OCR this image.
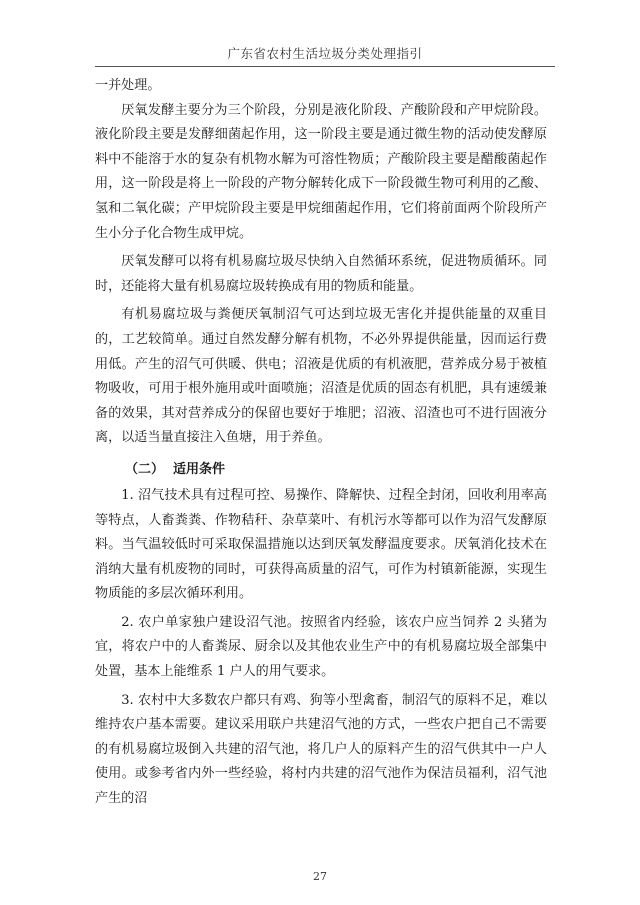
广东省农村生活垃圾分类处理指引

一并处理。

厌氧发酵主要分为三个阶段，分别是液化阶段、产酸阶段和产甲烷阶段。液化阶段主要是发酵细菌起作用，这一阶段主要是通过微生物的活动使发酵原料中不能溶于水的复杂有机物水解为可溶性物质；产酸阶段主要是醋酸菌起作用，这一阶段是将上一阶段的产物分解转化成下一阶段微生物可利用的乙酸、氢和二氧化碳；产甲烷阶段主要是甲烷细菌起作用，它们将前面两个阶段所产生小分子化合物生成甲烷。

厌氧发酵可以将有机易腐垃圾尽快纳入自然循环系统，促进物质循环。同时，还能将大量有机易腐垃圾转换成有用的物质和能量。

有机易腐垃圾与粪便厌氧制沼气可达到垃圾无害化并提供能量的双重目的，工艺较简单。通过自然发酵分解有机物，不必外界提供能量，因而运行费用低。产生的沼气可供暖、供电；沼液是优质的有机液肥，营养成分易于被植物吸收，可用于根外施用或叶面喷施；沼渣是优质的固态有机肥，具有速缓兼备的效果，其对营养成分的保留也要好于堆肥；沼液、沼渣也可不进行固液分离，以适当量直接注入鱼塘，用于养鱼。

（二） 适用条件

1. 沼气技术具有过程可控、易操作、降解快、过程全封闭，回收利用率高等特点，人畜粪粪、作物秸秆、杂草菜叶、有机污水等都可以作为沼气发酵原料。当气温较低时可采取保温措施以达到厌氧发酵温度要求。厌氧消化技术在消纳大量有机废物的同时，可获得高质量的沼气，可作为村镇新能源，实现生物质能的多层次循环利用。

2. 农户单家独户建设沼气池。按照省内经验，该农户应当饲养 2 头猪为宜，将农户中的人畜粪尿、厨余以及其他农业生产中的有机易腐垃圾全部集中处置，基本上能维系 1 户人的用气要求。

3. 农村中大多数农户都只有鸡、狗等小型禽畜，制沼气的原料不足，难以维持农户基本需要。建议采用联户共建沼气池的方式，一些农户把自己不需要的有机易腐垃圾倒入共建的沼气池，将几户人的原料产生的沼气供其中一户人使用。或参考省内外一些经验，将村内共建的沼气池作为保洁员福利，沼气池产生的沼

27
